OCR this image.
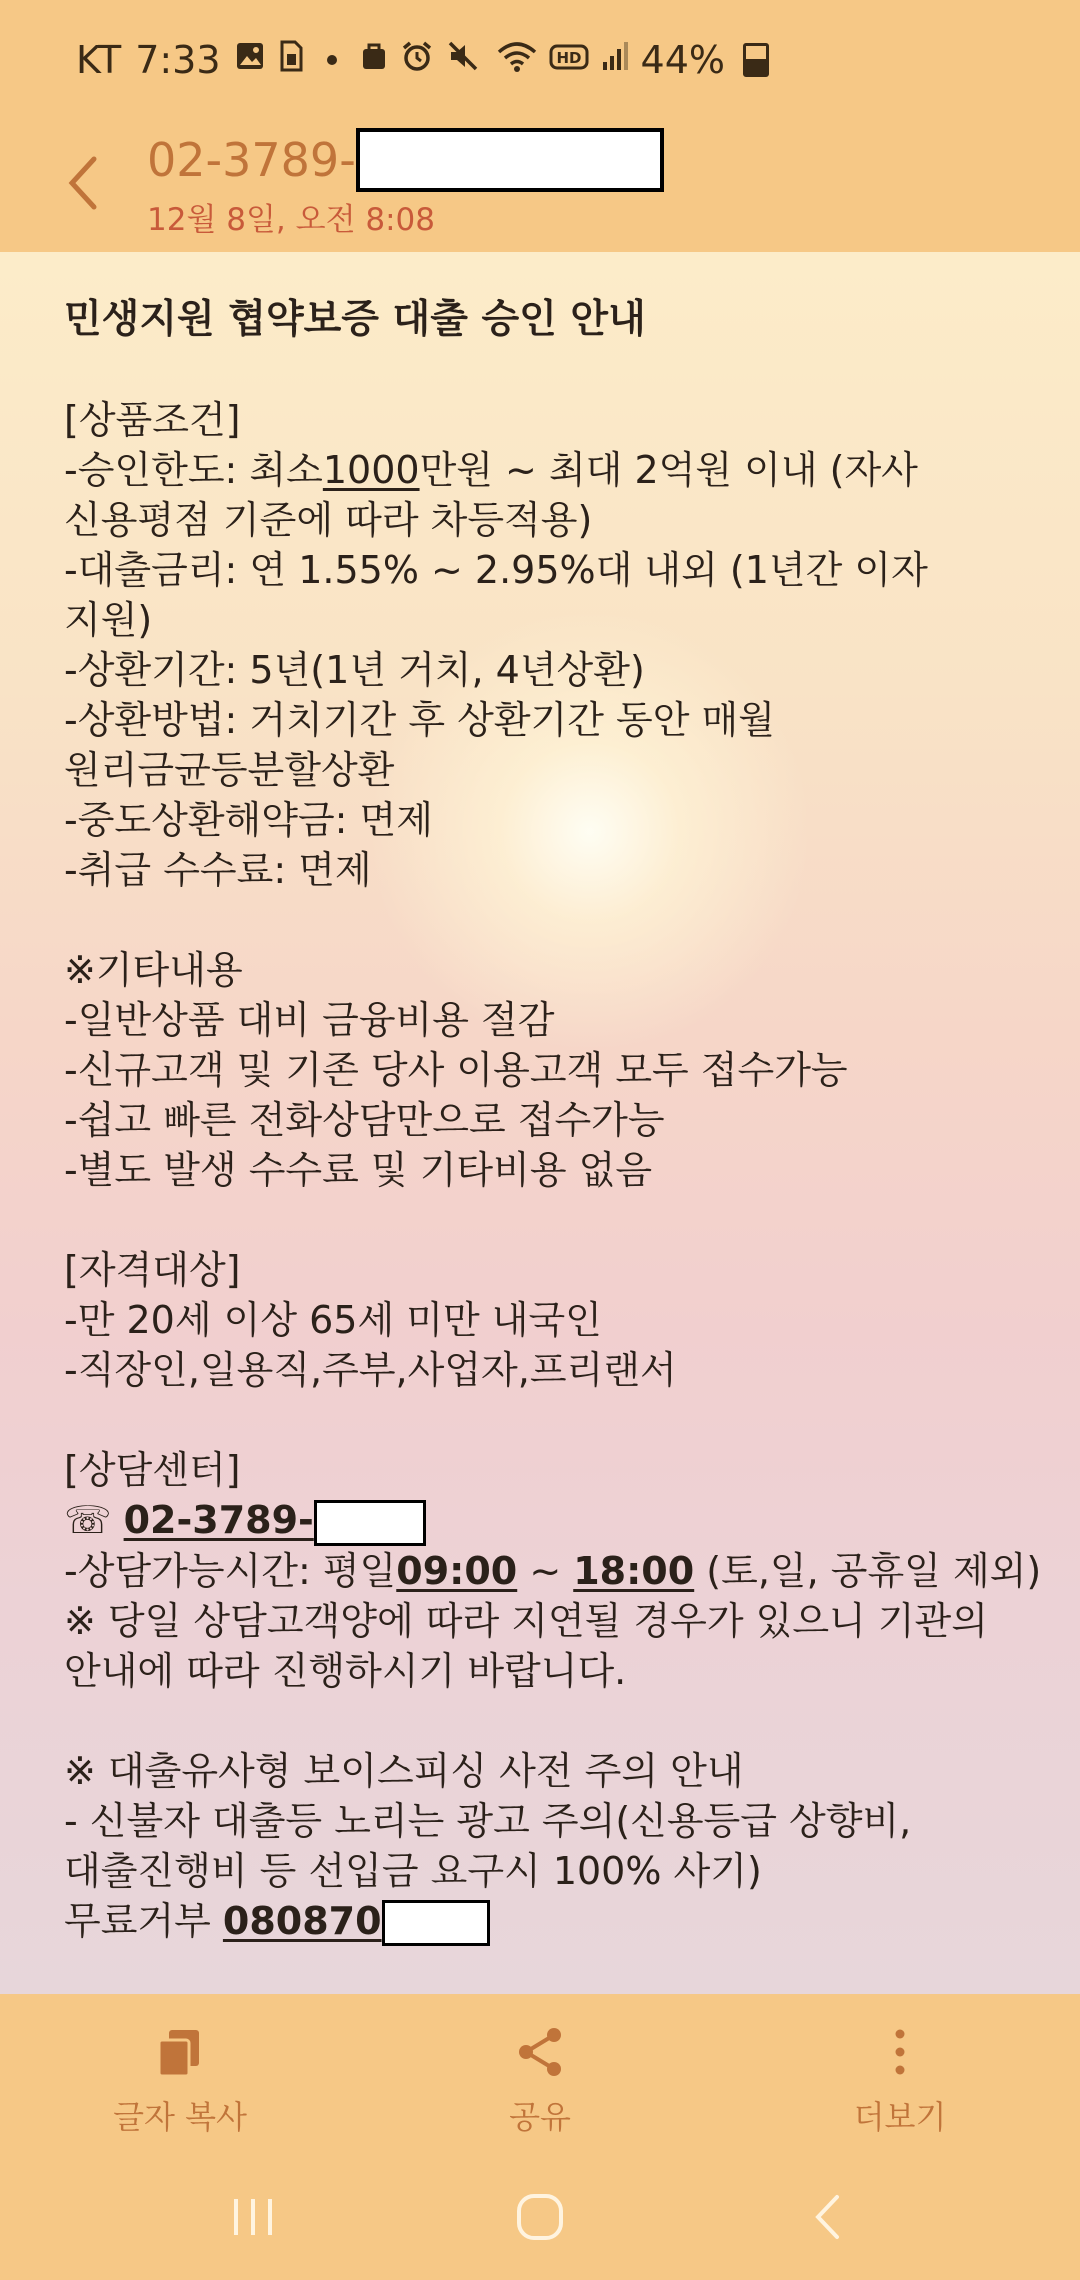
KT 7:33	HD 44%
02-3789-
12월 8일, 오전 8:08
민생지원 협약보증 대출 승인 안내
[상품조건]
-승인한도: 최소1000만원 ~ 최대 2억원 이내 (자사
신용평점 기준에 따라 차등적용)
-대출금리: 연 1.55% ~ 2.95%대 내외 (1년간 이자
지원)
-상환기간: 5년(1년 거치, 4년상환)
-상환방법: 거치기간 후 상환기간 동안 매월
원리금균등분할상환
-중도상환해약금: 면제
-취급 수수료: 면제
※기타내용
-일반상품 대비 금융비용 절감
-신규고객 및 기존 당사 이용고객 모두 접수가능
-쉽고 빠른 전화상담만으로 접수가능
-별도 발생 수수료 및 기타비용 없음
[자격대상]
-만 20세 이상 65세 미만 내국인
-직장인,일용직,주부,사업자,프리랜서
[상담센터]
☏ 02-3789-
-상담가능시간: 평일09:00 ~ 18:00 (토,일, 공휴일 제외)
※ 당일 상담고객양에 따라 지연될 경우가 있으니 기관의
안내에 따라 진행하시기 바랍니다.
※ 대출유사형 보이스피싱 사전 주의 안내
- 신불자 대출등 노리는 광고 주의(신용등급 상향비,
대출진행비 등 선입금 요구시 100% 사기)
무료거부 080870
글자 복사	공유	더보기
